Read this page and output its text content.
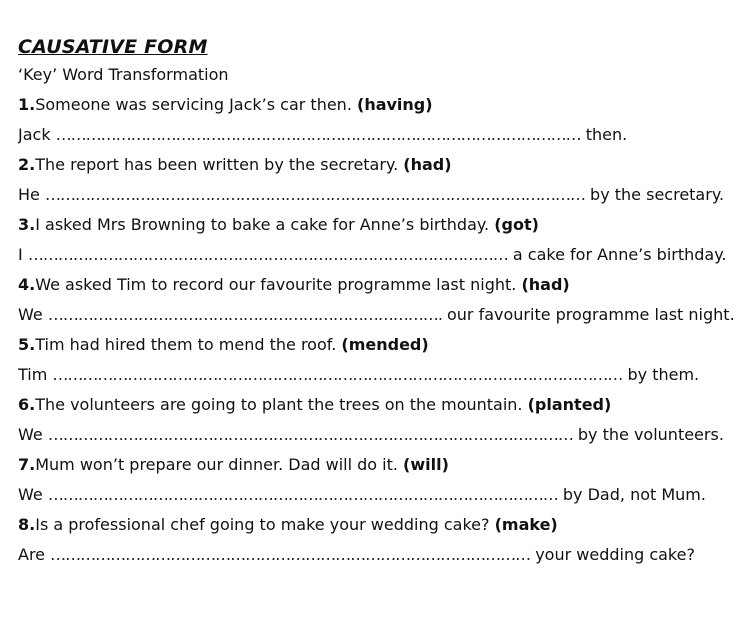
CAUSATIVE FORM
‘Key’ Word Transformation
1.Someone was servicing Jack’s car then. (having)
Jack …………………………………………………………………………………………… then.
2.The report has been written by the secretary. (had)
He ……………………………………………………………………………………………… by the secretary.
3.I asked Mrs Browning to bake a cake for Anne’s birthday. (got)
I …………………………………………………………………………………… a cake for Anne’s birthday.
4.We asked Tim to record our favourite programme last night. (had)
We ……………………………………………………………………. our favourite programme last night.
5.Tim had hired them to mend the roof. (mended)
Tim …………………………………………………………………………………………………… by them.
6.The volunteers are going to plant the trees on the mountain. (planted)
We …………………………………………………………………………………………… by the volunteers.
7.Mum won’t prepare our dinner. Dad will do it. (will)
We ………………………………………………………………………………………… by Dad, not Mum.
8.Is a professional chef going to make your wedding cake? (make)
Are …………………………………………………………………………………… your wedding cake?
